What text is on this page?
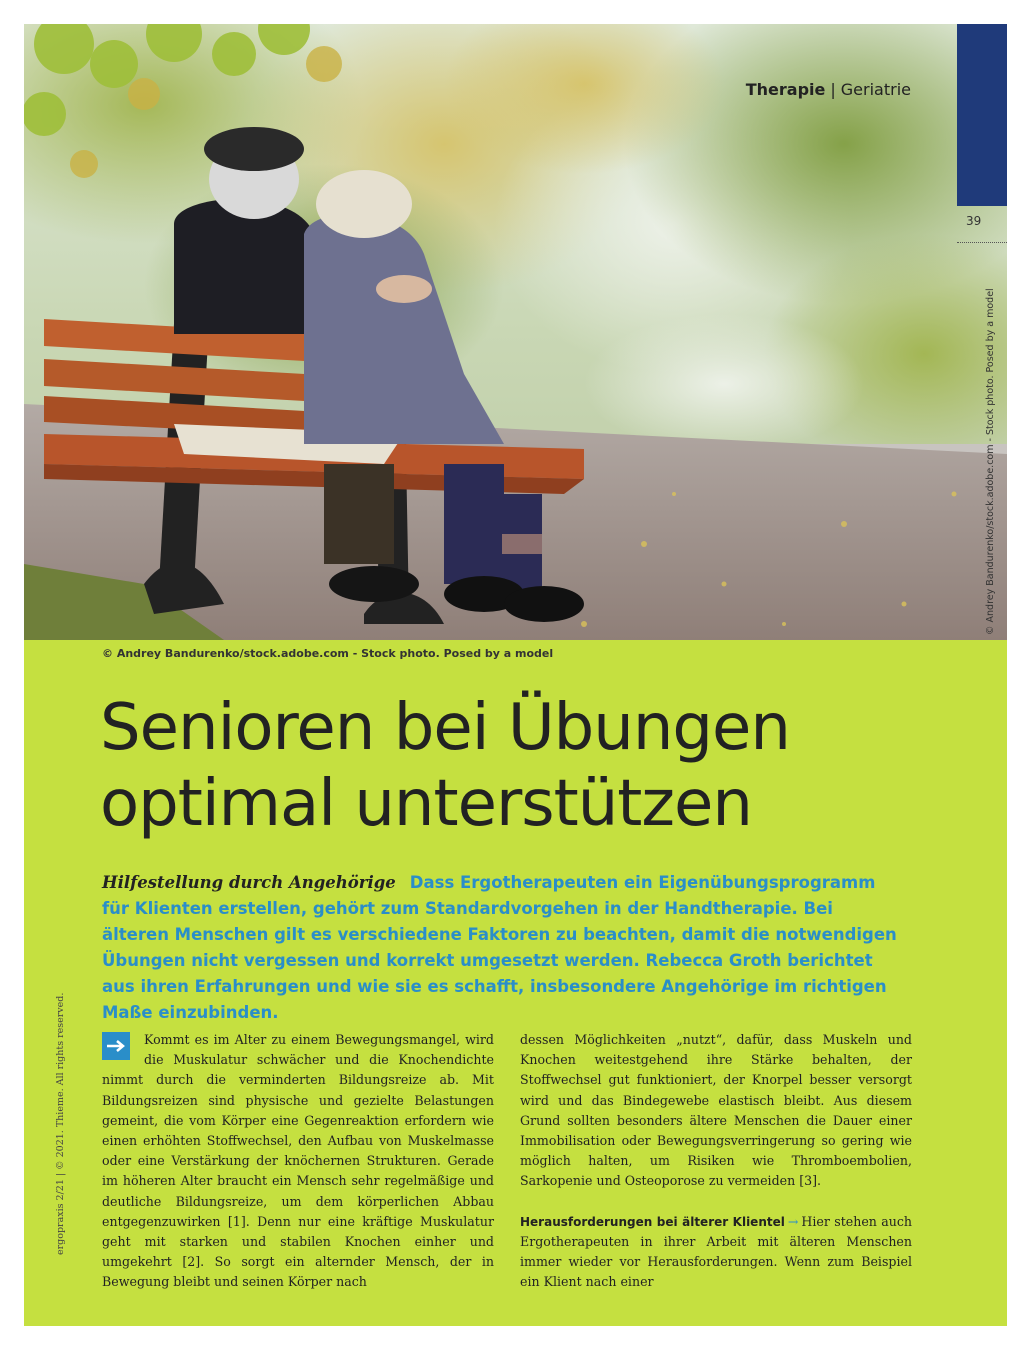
Therapie | Geriatrie
39
© Andrey Bandurenko/stock.adobe.com - Stock photo. Posed by a model
© Andrey Bandurenko/stock.adobe.com - Stock photo. Posed by a model
Senioren bei Übungen
optimal unterstützen

Hilfestellung durch Angehörige Dass Ergotherapeuten ein Eigenübungsprogramm für Klienten erstellen, gehört zum Standardvorgehen in der Handtherapie. Bei älteren Menschen gilt es verschiedene Faktoren zu beachten, damit die notwendigen Übungen nicht vergessen und korrekt umgesetzt werden. Rebecca Groth berichtet aus ihren Erfahrungen und wie sie es schafft, insbesondere Angehörige im richtigen Maße einzubinden.

ergopraxis 2/21 | © 2021. Thieme. All rights reserved.	Kommt es im Alter zu einem Bewegungsmangel, wird die Muskulatur schwächer und die Knochendichte nimmt durch die verminderten Bildungsreize ab. Mit Bildungsreizen sind physische und gezielte Belastungen gemeint, die vom Körper eine Gegenreaktion erfordern wie einen erhöhten Stoffwechsel, den Aufbau von Muskelmasse oder eine Verstärkung der knöchernen Strukturen. Gerade im höheren Alter braucht ein Mensch sehr regelmäßige und deutliche Bildungsreize, um dem körperlichen Abbau entgegenzuwirken [1]. Denn nur eine kräftige Muskulatur geht mit starken und stabilen Knochen einher und umgekehrt [2]. So sorgt ein alternder Mensch, der in Bewegung bleibt und seinen Körper nach

dessen Möglichkeiten „nutzt“, dafür, dass Muskeln und Knochen weitestgehend ihre Stärke behalten, der Stoffwechsel gut funktioniert, der Knorpel besser versorgt wird und das Bindegewebe elastisch bleibt. Aus diesem Grund sollten besonders ältere Menschen die Dauer einer Immobilisation oder Bewegungsverringerung so gering wie möglich halten, um Risiken wie Thromboembolien, Sarkopenie und Osteoporose zu vermeiden [3].

Herausforderungen bei älterer Klientel → Hier stehen auch Ergotherapeuten in ihrer Arbeit mit älteren Menschen immer wieder vor Herausforderungen. Wenn zum Beispiel ein Klient nach einer
